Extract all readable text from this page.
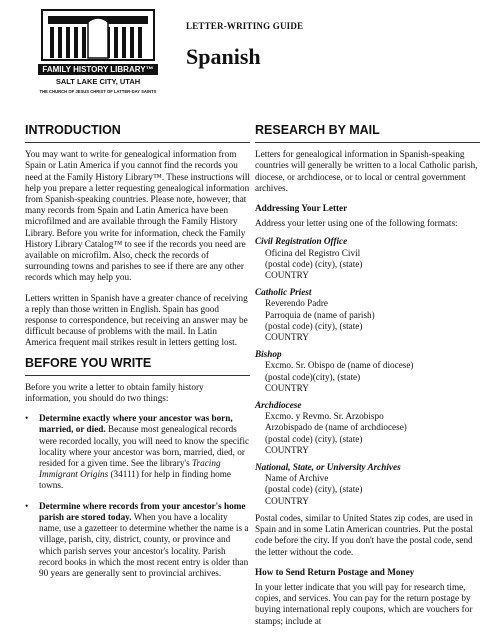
FAMILY HISTORY LIBRARY™
SALT LAKE CITY, UTAH
THE CHURCH OF JESUS CHRIST OF LATTER-DAY SAINTS
LETTER-WRITING GUIDE
Spanish
INTRODUCTION

You may want to write for genealogical information from Spain or Latin America if you cannot find the records you need at the Family History Library™. These instructions will help you prepare a letter requesting genealogical information from Spanish-speaking countries. Please note, however, that many records from Spain and Latin America have been microfilmed and are available through the Family History Library. Before you write for information, check the Family History Library Catalog™ to see if the records you need are available on microfilm. Also, check the records of surrounding towns and parishes to see if there are any other records which may help you.

Letters written in Spanish have a greater chance of receiving a reply than those written in English. Spain has good response to correspondence, but receiving an answer may be difficult because of problems with the mail. In Latin America frequent mail strikes result in letters getting lost.

BEFORE YOU WRITE

Before you write a letter to obtain family history information, you should do two things:

•	Determine exactly where your ancestor was born, married, or died. Because most genealogical records were recorded locally, you will need to know the specific locality where your ancestor was born, married, died, or resided for a given time. See the library's Tracing Immigrant Origins (34111) for help in finding home towns.
•	Determine where records from your ancestor's home parish are stored today. When you have a locality name, use a gazetteer to determine whether the name is a village, parish, city, district, county, or province and which parish serves your ancestor's locality. Parish record books in which the most recent entry is older than 90 years are generally sent to provincial archives.
RESEARCH BY MAIL

Letters for genealogical information in Spanish-speaking countries will generally be written to a local Catholic parish, diocese, or archdiocese, or to local or central government archives.

Addressing Your Letter

Address your letter using one of the following formats:

Civil Registration Office
Oficina del Registro Civil
(postal code) (city), (state)
COUNTRY
Catholic Priest
Reverendo Padre
Parroquia de (name of parish)
(postal code) (city), (state)
COUNTRY
Bishop
Excmo. Sr. Obispo de (name of diocese)
(postal code)(city), (state)
COUNTRY
Archdiocese
Excmo. y Revmo. Sr. Arzobispo
Arzobispado de (name of archdiocese)
(postal code) (city), (state)
COUNTRY
National, State, or University Archives
Name of Archive
(postal code) (city), (state)
COUNTRY

Postal codes, similar to United States zip codes, are used in Spain and in some Latin American countries. Put the postal code before the city. If you don't have the postal code, send the letter without the code.

How to Send Return Postage and Money

In your letter indicate that you will pay for research time, copies, and services. You can pay for the return postage by buying international reply coupons, which are vouchers for stamps; include at
